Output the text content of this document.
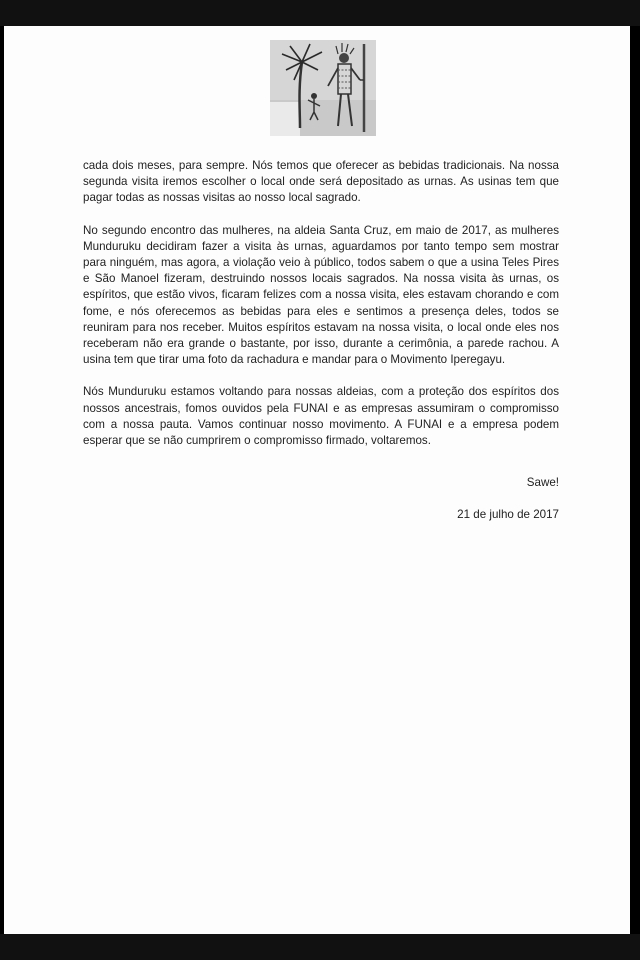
cada dois meses, para sempre. Nós temos que oferecer as bebidas tradicionais. Na nossa segunda visita iremos escolher o local onde será depositado as urnas. As usinas tem que pagar todas as nossas visitas ao nosso local sagrado.

No segundo encontro das mulheres, na aldeia Santa Cruz, em maio de 2017, as mulheres Munduruku decidiram fazer a visita às urnas, aguardamos por tanto tempo sem mostrar para ninguém, mas agora, a violação veio à público, todos sabem o que a usina Teles Pires e São Manoel fizeram, destruindo nossos locais sagrados. Na nossa visita às urnas, os espíritos, que estão vivos, ficaram felizes com a nossa visita, eles estavam chorando e com fome, e nós oferecemos as bebidas para eles e sentimos a presença deles, todos se reuniram para nos receber. Muitos espíritos estavam na nossa visita, o local onde eles nos receberam não era grande o bastante, por isso, durante a cerimônia, a parede rachou. A usina tem que tirar uma foto da rachadura e mandar para o Movimento Iperegayu.

Nós Munduruku estamos voltando para nossas aldeias, com a proteção dos espíritos dos nossos ancestrais, fomos ouvidos pela FUNAI e as empresas assumiram o compromisso com a nossa pauta. Vamos continuar nosso movimento. A FUNAI e a empresa podem esperar que se não cumprirem o compromisso firmado, voltaremos.

Sawe!

21 de julho de 2017
